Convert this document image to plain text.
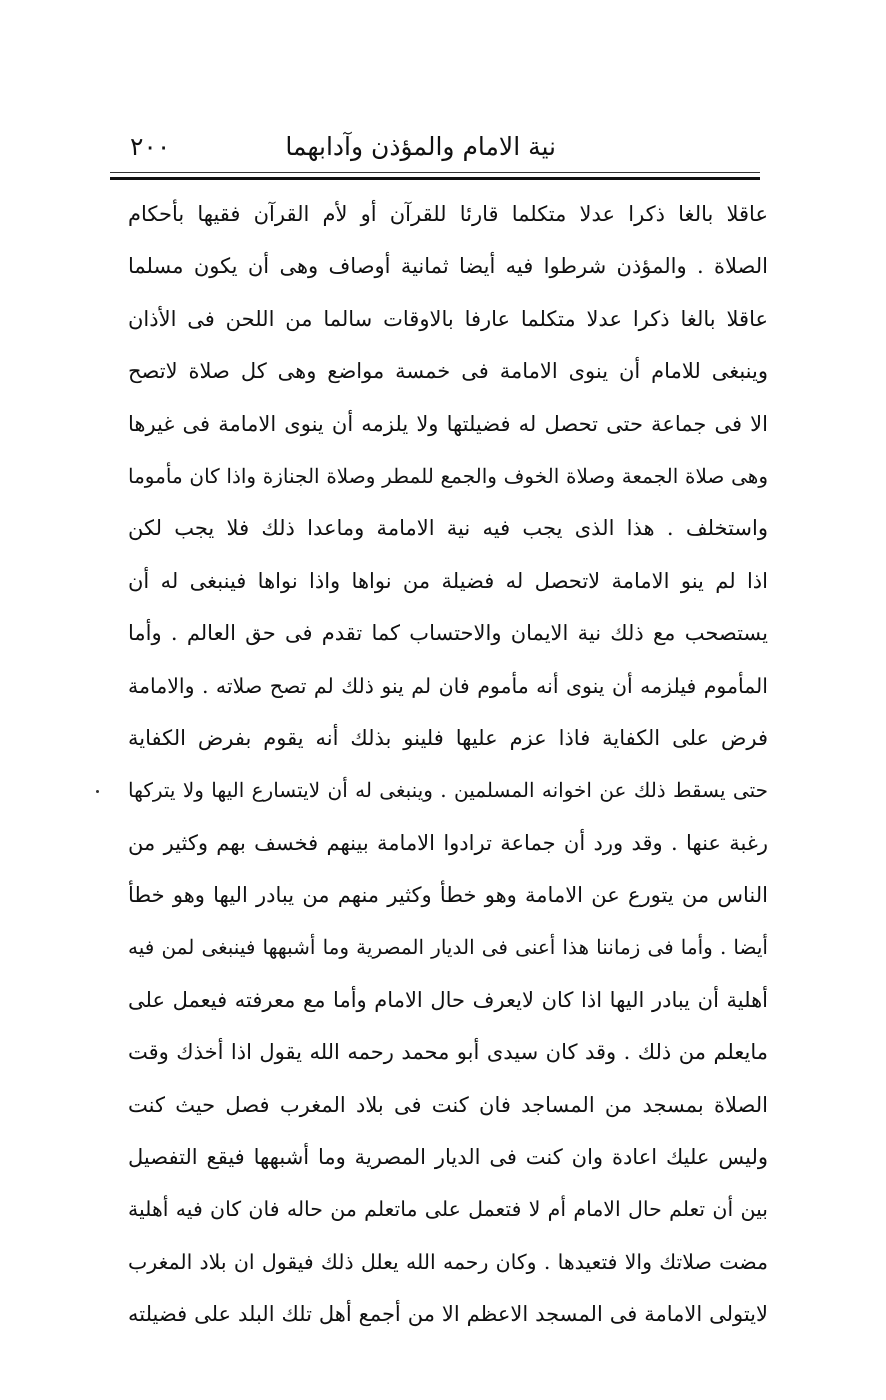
نية الامام والمؤذن وآدابهما
٢٠٠
عاقلا بالغا ذكرا عدلا متكلما قارئا للقرآن أو لأم القرآن فقيها بأحكام
الصلاة . والمؤذن شرطوا فيه أيضا ثمانية أوصاف وهى أن يكون مسلما
عاقلا بالغا ذكرا عدلا متكلما عارفا بالاوقات سالما من اللحن فى الأذان
وينبغى للامام أن ينوى الامامة فى خمسة مواضع وهى كل صلاة لاتصح
الا فى جماعة حتى تحصل له فضيلتها ولا يلزمه أن ينوى الامامة فى غيرها
وهى صلاة الجمعة وصلاة الخوف والجمع للمطر وصلاة الجنازة واذا كان مأموما
واستخلف . هذا الذى يجب فيه نية الامامة وماعدا ذلك فلا يجب لكن
اذا لم ينو الامامة لاتحصل له فضيلة من نواها واذا نواها فينبغى له أن
يستصحب مع ذلك نية الايمان والاحتساب كما تقدم فى حق العالم . وأما
المأموم فيلزمه أن ينوى أنه مأموم فان لم ينو ذلك لم تصح صلاته . والامامة
فرض على الكفاية فاذا عزم عليها فلينو بذلك أنه يقوم بفرض الكفاية
حتى يسقط ذلك عن اخوانه المسلمين . وينبغى له أن لايتسارع اليها ولا يتركها
رغبة عنها . وقد ورد أن جماعة ترادوا الامامة بينهم فخسف بهم وكثير من
الناس من يتورع عن الامامة وهو خطأ وكثير منهم من يبادر اليها وهو خطأ
أيضا . وأما فى زماننا هذا أعنى فى الديار المصرية وما أشبهها فينبغى لمن فيه
أهلية أن يبادر اليها اذا كان لايعرف حال الامام وأما مع معرفته فيعمل على
مايعلم من ذلك . وقد كان سيدى أبو محمد رحمه الله يقول اذا أخذك وقت
الصلاة بمسجد من المساجد فان كنت فى بلاد المغرب فصل حيث كنت
وليس عليك اعادة وان كنت فى الديار المصرية وما أشبهها فيقع التفصيل
بين أن تعلم حال الامام أم لا فتعمل على ماتعلم من حاله فان كان فيه أهلية
مضت صلاتك والا فتعيدها . وكان رحمه الله يعلل ذلك فيقول ان بلاد المغرب
لايتولى الامامة فى المسجد الاعظم الا من أجمع أهل تلك البلد على فضيلته
